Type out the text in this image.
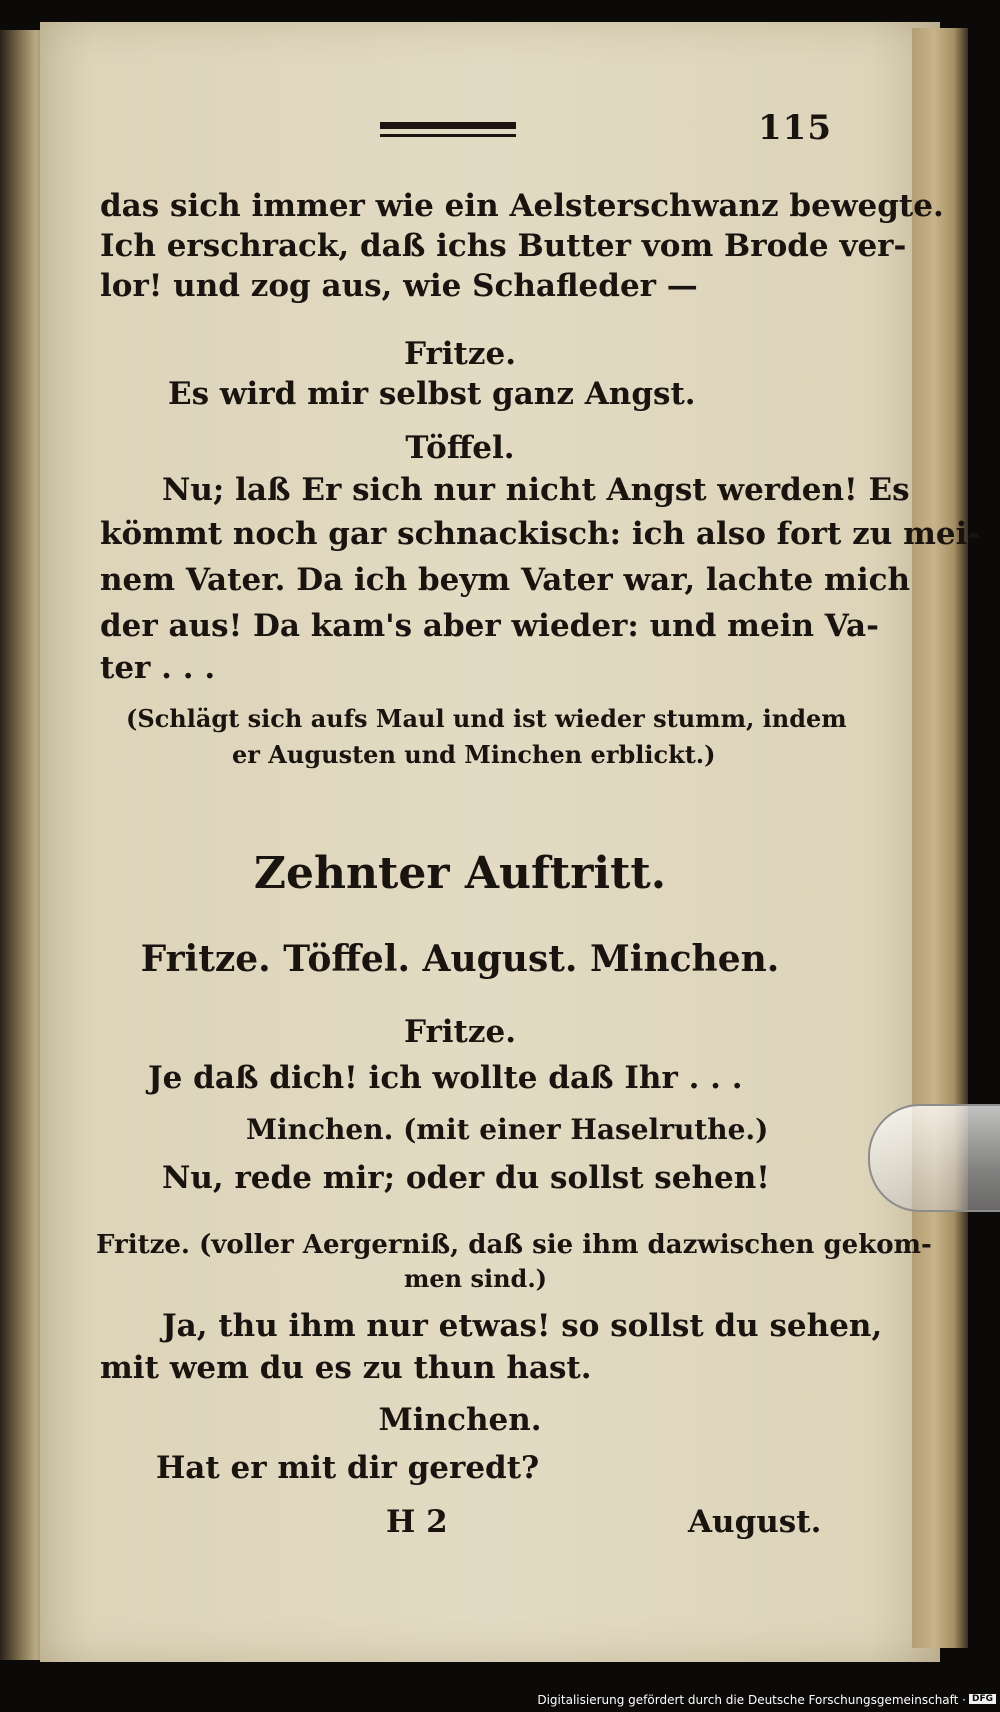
115
das sich immer wie ein Aelsterschwanz bewegte.
Ich erschrack, daß ichs Butter vom Brode ver-
lor! und zog aus, wie Schafleder —
Fritze.
Es wird mir selbst ganz Angst.
Töffel.
Nu; laß Er sich nur nicht Angst werden! Es
kömmt noch gar schnackisch: ich also fort zu mei-
nem Vater. Da ich beym Vater war, lachte mich
der aus! Da kam's aber wieder: und mein Va-
ter . . .
(Schlägt sich aufs Maul und ist wieder stumm, indem
er Augusten und Minchen erblickt.)
Zehnter Auftritt.
Fritze. Töffel. August. Minchen.
Fritze.
Je daß dich! ich wollte daß Ihr . . .
Minchen. (mit einer Haselruthe.)
Nu, rede mir; oder du sollst sehen!
Fritze. (voller Aergerniß, daß sie ihm dazwischen gekom-
men sind.)
Ja, thu ihm nur etwas! so sollst du sehen,
mit wem du es zu thun hast.
Minchen.
Hat er mit dir geredt?
H 2	August.
Digitalisierung gefördert durch die Deutsche Forschungsgemeinschaft · DFG
